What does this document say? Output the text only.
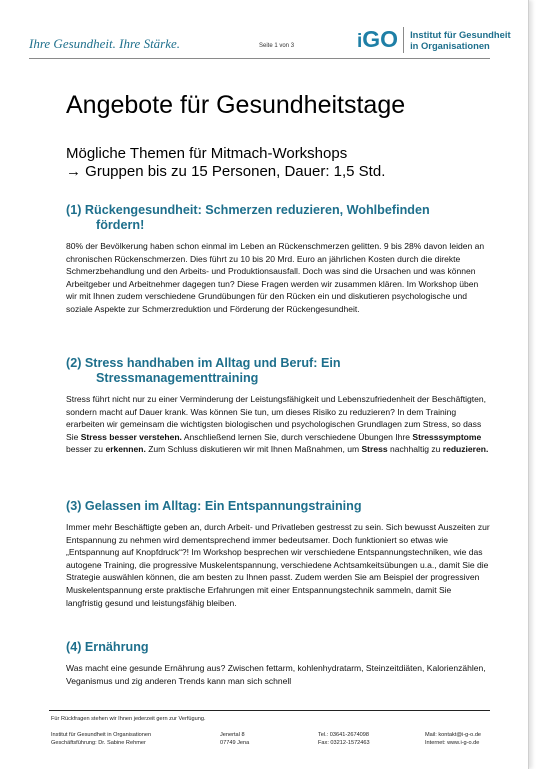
Ihre Gesundheit. Ihre Stärke.	Seite 1 von 3	iGO Institut für Gesundheit
in Organisationen
Angebote für Gesundheitstage
Mögliche Themen für Mitmach-Workshops
→ Gruppen bis zu 15 Personen, Dauer: 1,5 Std.
(1) Rückengesundheit: Schmerzen reduzieren, Wohlbefinden
fördern!

80% der Bevölkerung haben schon einmal im Leben an Rückenschmerzen gelitten. 9 bis 28% davon leiden an chronischen Rückenschmerzen. Dies führt zu 10 bis 20 Mrd. Euro an jährlichen Kosten durch die direkte Schmerzbehandlung und den Arbeits- und Produktionsausfall. Doch was sind die Ursachen und was können Arbeitgeber und Arbeitnehmer dagegen tun? Diese Fragen werden wir zusammen klären. Im Workshop üben wir mit Ihnen zudem verschiedene Grundübungen für den Rücken ein und diskutieren psychologische und soziale Aspekte zur Schmerzreduktion und Förderung der Rückengesundheit.

(2) Stress handhaben im Alltag und Beruf: Ein
Stressmanagementtraining

Stress führt nicht nur zu einer Verminderung der Leistungsfähigkeit und Lebenszufriedenheit der Beschäftigten, sondern macht auf Dauer krank. Was können Sie tun, um dieses Risiko zu reduzieren? In dem Training erarbeiten wir gemeinsam die wichtigsten biologischen und psychologischen Grundlagen zum Stress, so dass Sie Stress besser verstehen. Anschließend lernen Sie, durch verschiedene Übungen Ihre Stresssymptome besser zu erkennen. Zum Schluss diskutieren wir mit Ihnen Maßnahmen, um Stress nachhaltig zu reduzieren.

(3) Gelassen im Alltag: Ein Entspannungstraining

Immer mehr Beschäftigte geben an, durch Arbeit- und Privatleben gestresst zu sein. Sich bewusst Auszeiten zur Entspannung zu nehmen wird dementsprechend immer bedeutsamer. Doch funktioniert so etwas wie „Entspannung auf Knopfdruck“?! Im Workshop besprechen wir verschiedene Entspannungstechniken, wie das autogene Training, die progressive Muskelentspannung, verschiedene Achtsamkeitsübungen u.a., damit Sie die Strategie auswählen können, die am besten zu Ihnen passt. Zudem werden Sie am Beispiel der progressiven Muskelentspannung erste praktische Erfahrungen mit einer Entspannungstechnik sammeln, damit Sie langfristig gesund und leistungsfähig bleiben.

(4) Ernährung

Was macht eine gesunde Ernährung aus? Zwischen fettarm, kohlenhydratarm, Steinzeitdiäten, Kalorienzählen, Veganismus und zig anderen Trends kann man sich schnell

Für Rückfragen stehen wir Ihnen jederzeit gern zur Verfügung.
Institut für Gesundheit in Organisationen
Geschäftsführung: Dr. Sabine Rehmer
Jenertal 8
07749 Jena
Tel.: 03641-2674098
Fax: 03212-1572463
Mail: kontakt@i-g-o.de
Internet: www.i-g-o.de
